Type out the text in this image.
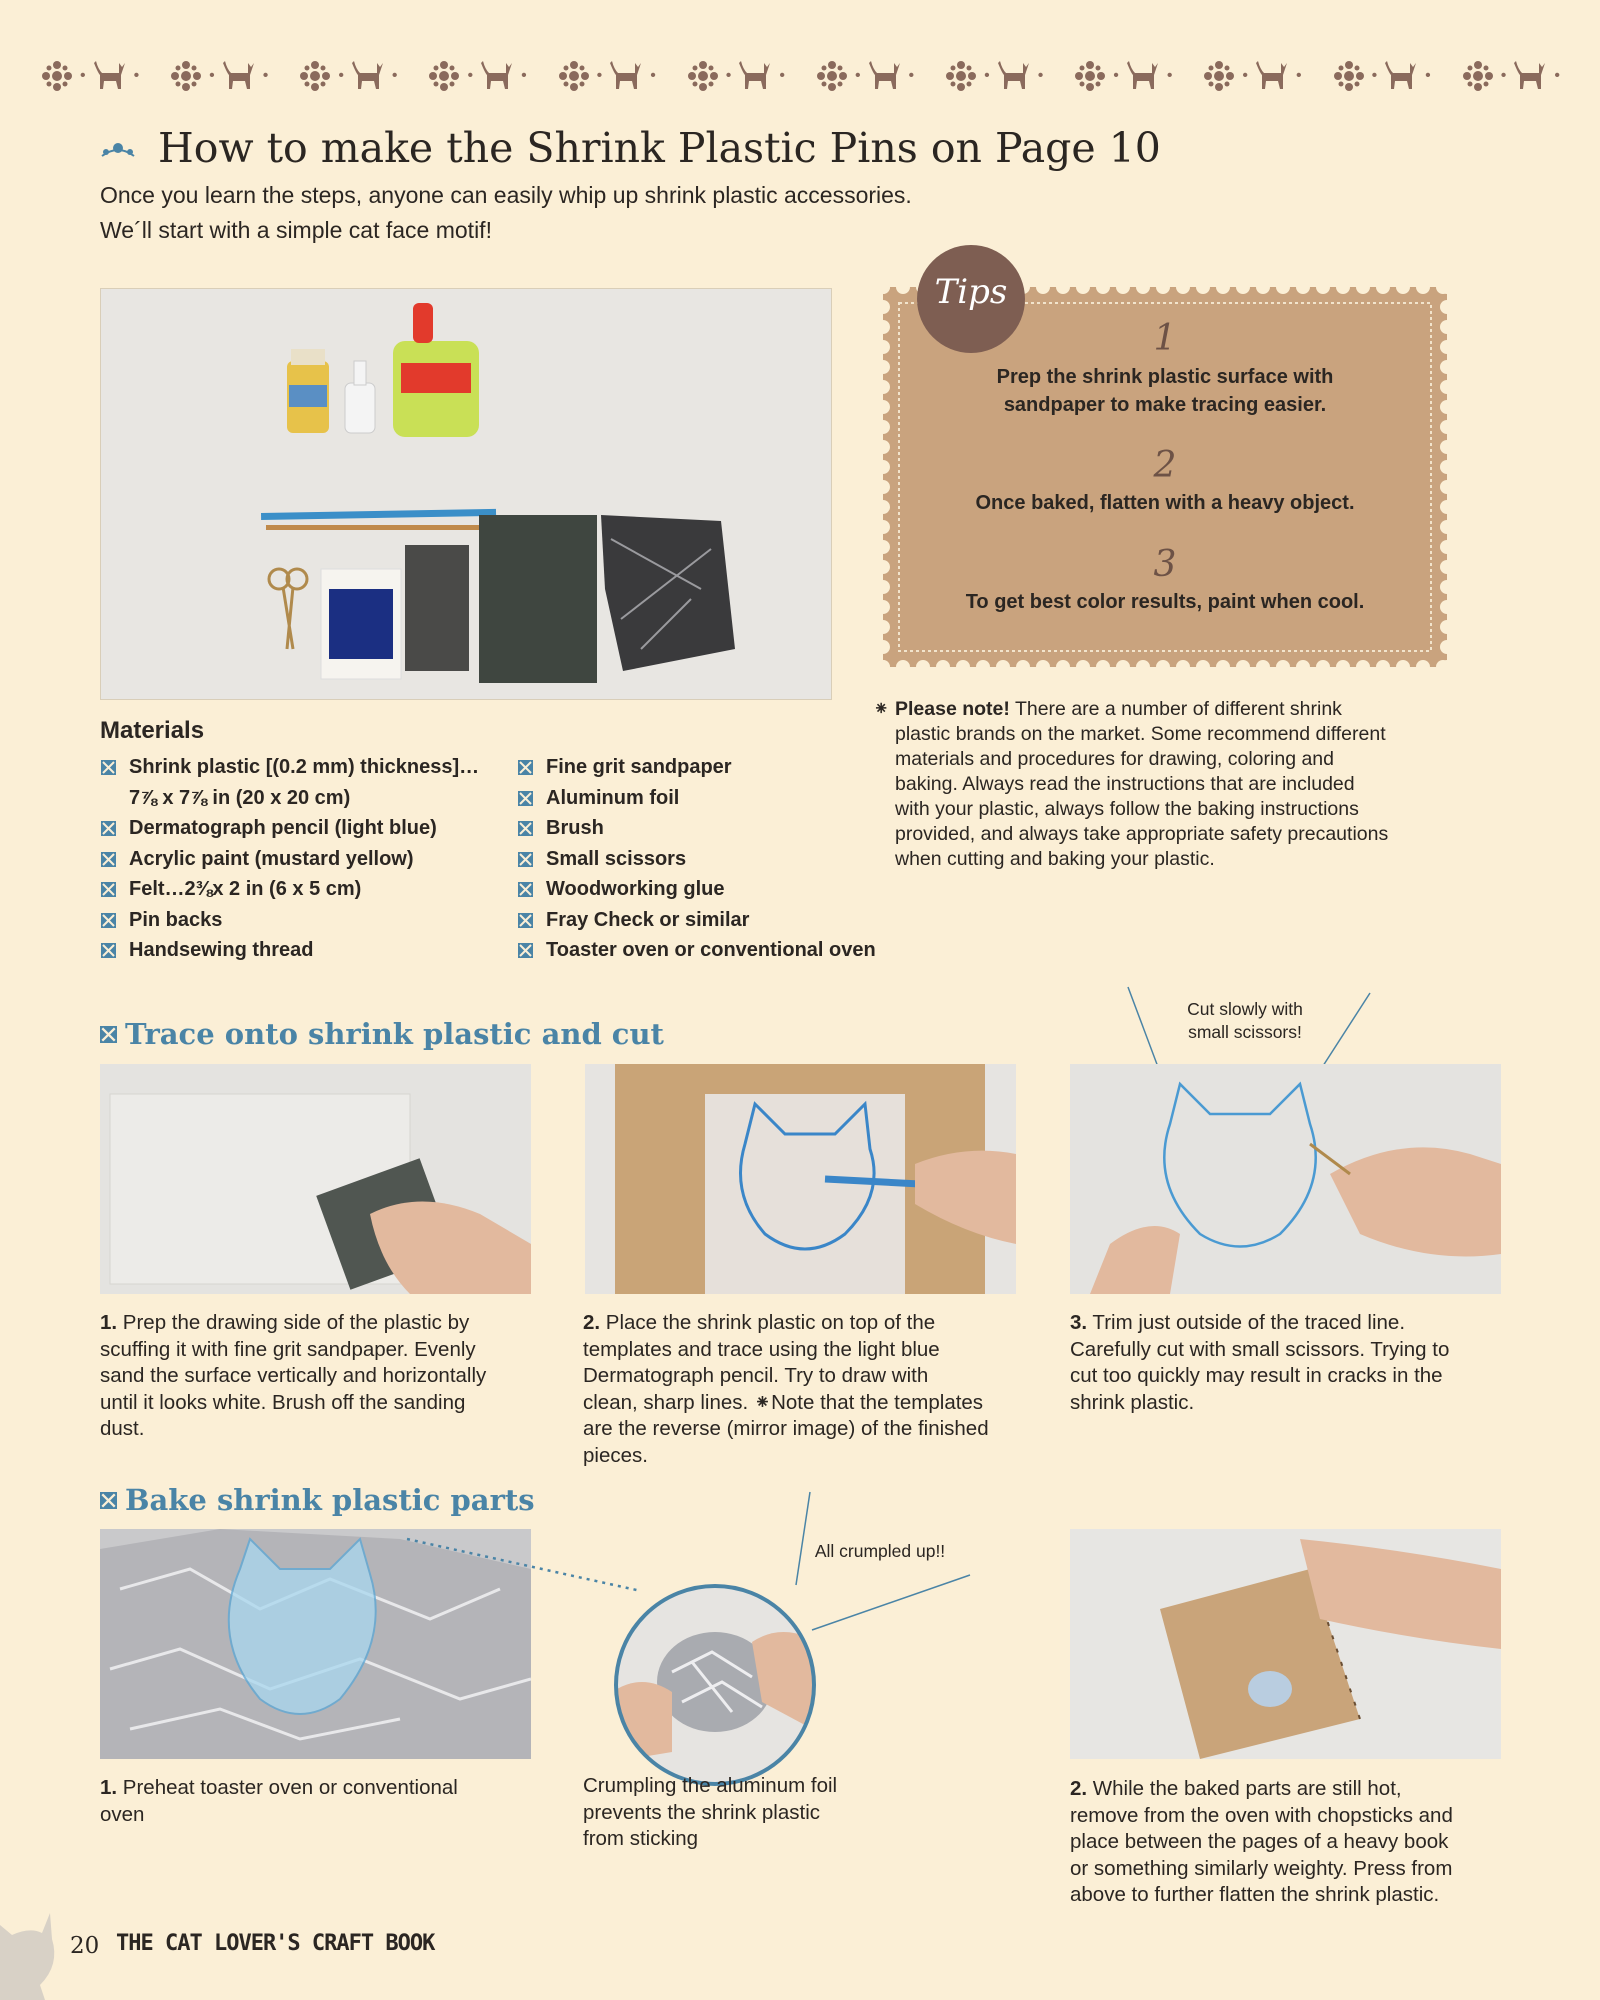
•	•	•	•	•	•	•	•	•	•	•	•	•	•	•	•	•	•	•	•	•	•	•	•
How to make the Shrink Plastic Pins on Page 10
Once you learn the steps, anyone can easily whip up shrink plastic accessories.
We´ll start with a simple cat face motif!
Tips
1
Prep the shrink plastic surface with
sandpaper to make tracing easier.
2
Once baked, flatten with a heavy object.
3
To get best color results, paint when cool.
Materials
Shrink plastic [(0.2 mm) thickness]…
7⅞ x 7⅞ in (20 x 20 cm)
Dermatograph pencil (light blue)
Acrylic paint (mustard yellow)
Felt…2⅜x 2 in (6 x 5 cm)
Pin backs
Handsewing thread
Fine grit sandpaper
Aluminum foil
Brush
Small scissors
Woodworking glue
Fray Check or similar
Toaster oven or conventional oven
⁕ Please note! There are a number of different shrink
plastic brands on the market. Some recommend different
materials and procedures for drawing, coloring and
baking. Always read the instructions that are included
with your plastic, always follow the baking instructions
provided, and always take appropriate safety precautions
when cutting and baking your plastic.
Trace onto shrink plastic and cut
Cut slowly with
small scissors!
1. Prep the drawing side of the plastic by
scuffing it with fine grit sandpaper. Evenly
sand the surface vertically and horizontally
until it looks white. Brush off the sanding
dust.
2. Place the shrink plastic on top of the
templates and trace using the light blue
Dermatograph pencil. Try to draw with
clean, sharp lines. ⁕Note that the templates
are the reverse (mirror image) of the finished
pieces.
3. Trim just outside of the traced line.
Carefully cut with small scissors. Trying to
cut too quickly may result in cracks in the
shrink plastic.
Bake shrink plastic parts
All crumpled up!!
1. Preheat toaster oven or conventional
oven
Crumpling the aluminum foil
prevents the shrink plastic
from sticking
2. While the baked parts are still hot,
remove from the oven with chopsticks and
place between the pages of a heavy book
or something similarly weighty. Press from
above to further flatten the shrink plastic.
20 THE CAT LOVER'S CRAFT BOOK
